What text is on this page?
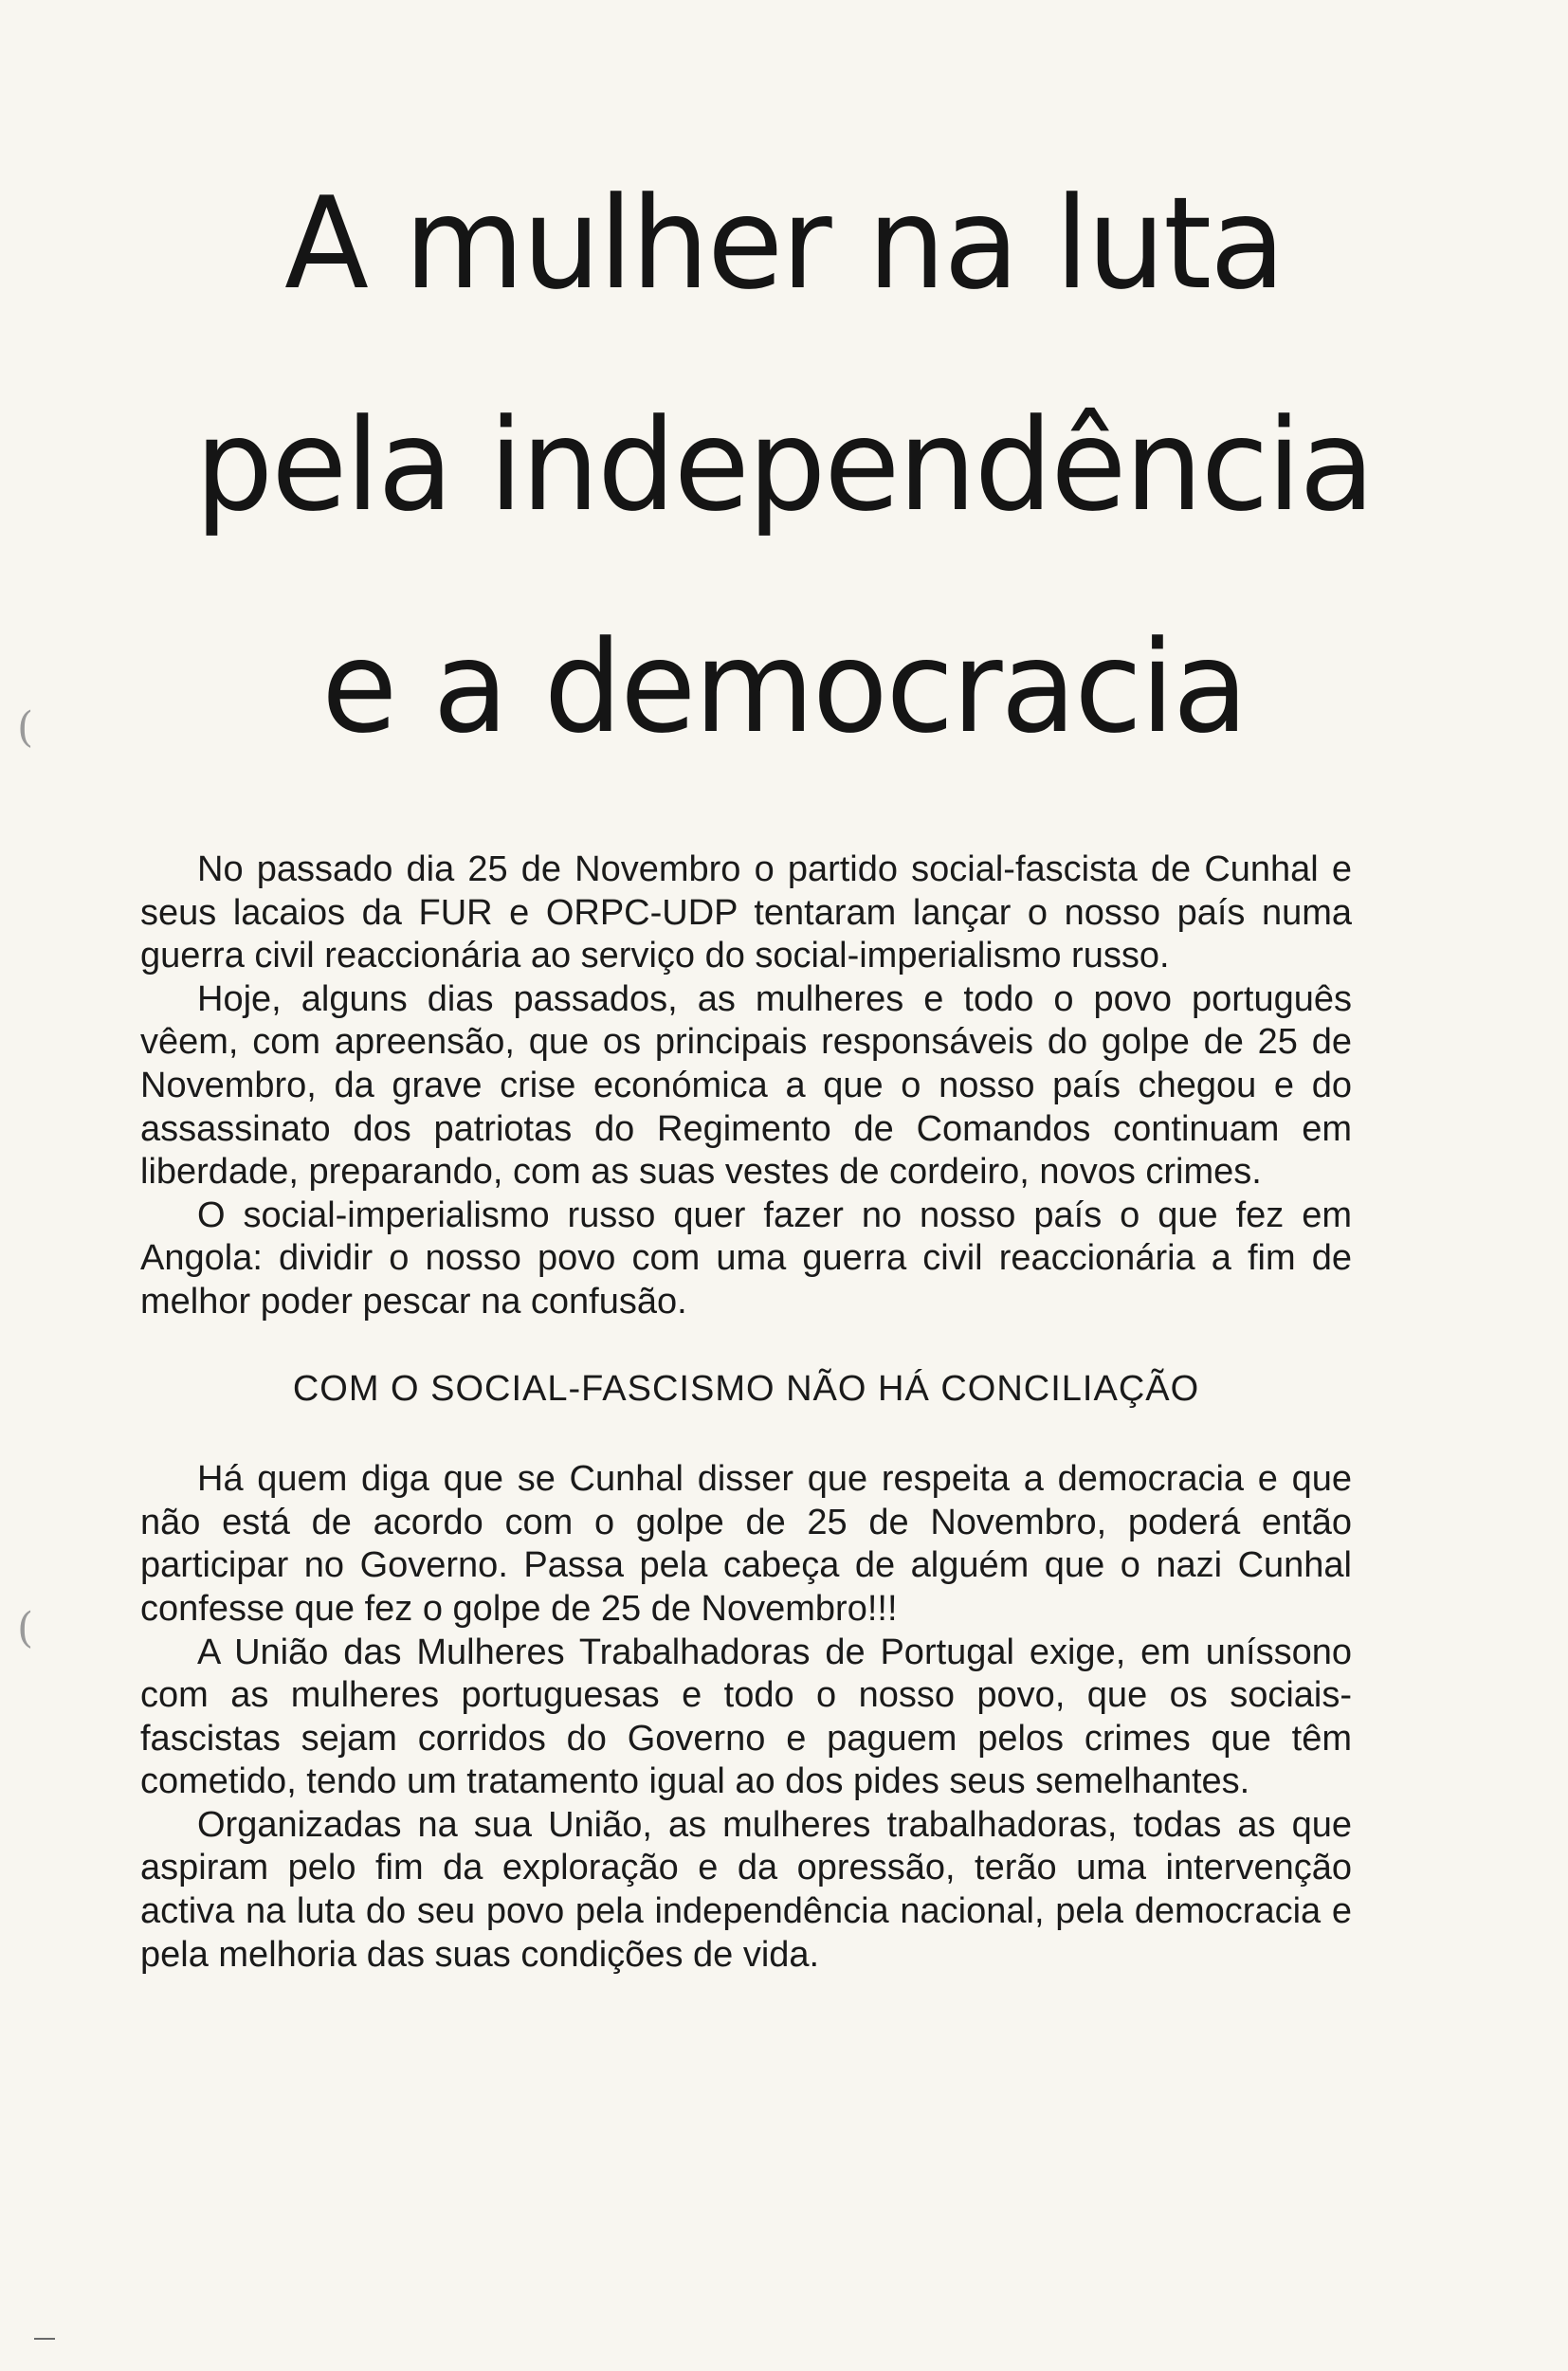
(
(
A mulher na luta
pela independência
e a democracia

No passado dia 25 de Novembro o partido social-fascista de Cunhal e seus lacaios da FUR e ORPC-UDP tentaram lançar o nosso país numa guerra civil reaccionária ao serviço do social-imperialismo russo.

Hoje, alguns dias passados, as mulheres e todo o povo português vêem, com apreensão, que os principais responsáveis do golpe de 25 de Novembro, da grave crise económica a que o nosso país chegou e do assassinato dos patriotas do Regimento de Comandos continuam em liberdade, preparando, com as suas vestes de cordeiro, novos crimes.

O social-imperialismo russo quer fazer no nosso país o que fez em Angola: dividir o nosso povo com uma guerra civil reaccionária a fim de melhor poder pescar na confusão.

COM O SOCIAL-FASCISMO NÃO HÁ CONCILIAÇÃO

Há quem diga que se Cunhal disser que respeita a democracia e que não está de acordo com o golpe de 25 de Novembro, poderá então participar no Governo. Passa pela cabeça de alguém que o nazi Cunhal confesse que fez o golpe de 25 de Novembro!!!

A União das Mulheres Trabalhadoras de Portugal exige, em uníssono com as mulheres portuguesas e todo o nosso povo, que os sociais-fascistas sejam corridos do Governo e paguem pelos crimes que têm cometido, tendo um tratamento igual ao dos pides seus semelhantes.

Organizadas na sua União, as mulheres trabalhadoras, todas as que aspiram pelo fim da exploração e da opressão, terão uma intervenção activa na luta do seu povo pela independência nacional, pela democracia e pela melhoria das suas condições de vida.
